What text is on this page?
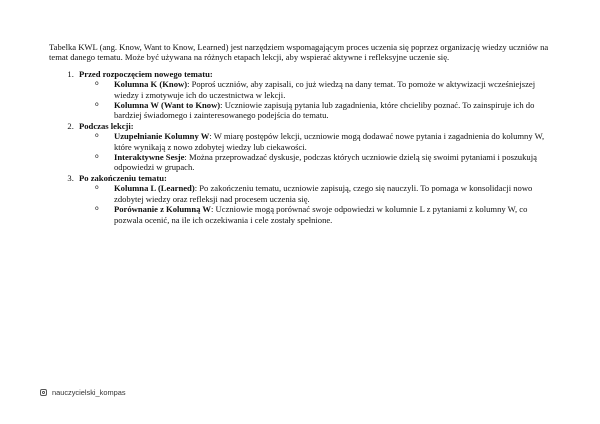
Tabelka KWL (ang. Know, Want to Know, Learned) jest narzędziem wspomagającym proces uczenia się poprzez organizację wiedzy uczniów na temat danego tematu. Może być używana na różnych etapach lekcji, aby wspierać aktywne i refleksyjne uczenie się.

1. Przed rozpoczęciem nowego tematu:
o Kolumna K (Know): Poproś uczniów, aby zapisali, co już wiedzą na dany temat. To pomoże w aktywizacji wcześniejszej wiedzy i zmotywuje ich do uczestnictwa w lekcji.
o Kolumna W (Want to Know): Uczniowie zapisują pytania lub zagadnienia, które chcieliby poznać. To zainspiruje ich do bardziej świadomego i zainteresowanego podejścia do tematu.
2. Podczas lekcji:
o Uzupełnianie Kolumny W: W miarę postępów lekcji, uczniowie mogą dodawać nowe pytania i zagadnienia do kolumny W, które wynikają z nowo zdobytej wiedzy lub ciekawości.
o Interaktywne Sesje: Można przeprowadzać dyskusje, podczas których uczniowie dzielą się swoimi pytaniami i poszukują odpowiedzi w grupach.
3. Po zakończeniu tematu:
o Kolumna L (Learned): Po zakończeniu tematu, uczniowie zapisują, czego się nauczyli. To pomaga w konsolidacji nowo zdobytej wiedzy oraz refleksji nad procesem uczenia się.
o Porównanie z Kolumną W: Uczniowie mogą porównać swoje odpowiedzi w kolumnie L z pytaniami z kolumny W, co pozwala ocenić, na ile ich oczekiwania i cele zostały spełnione.
nauczycielski_kompas
